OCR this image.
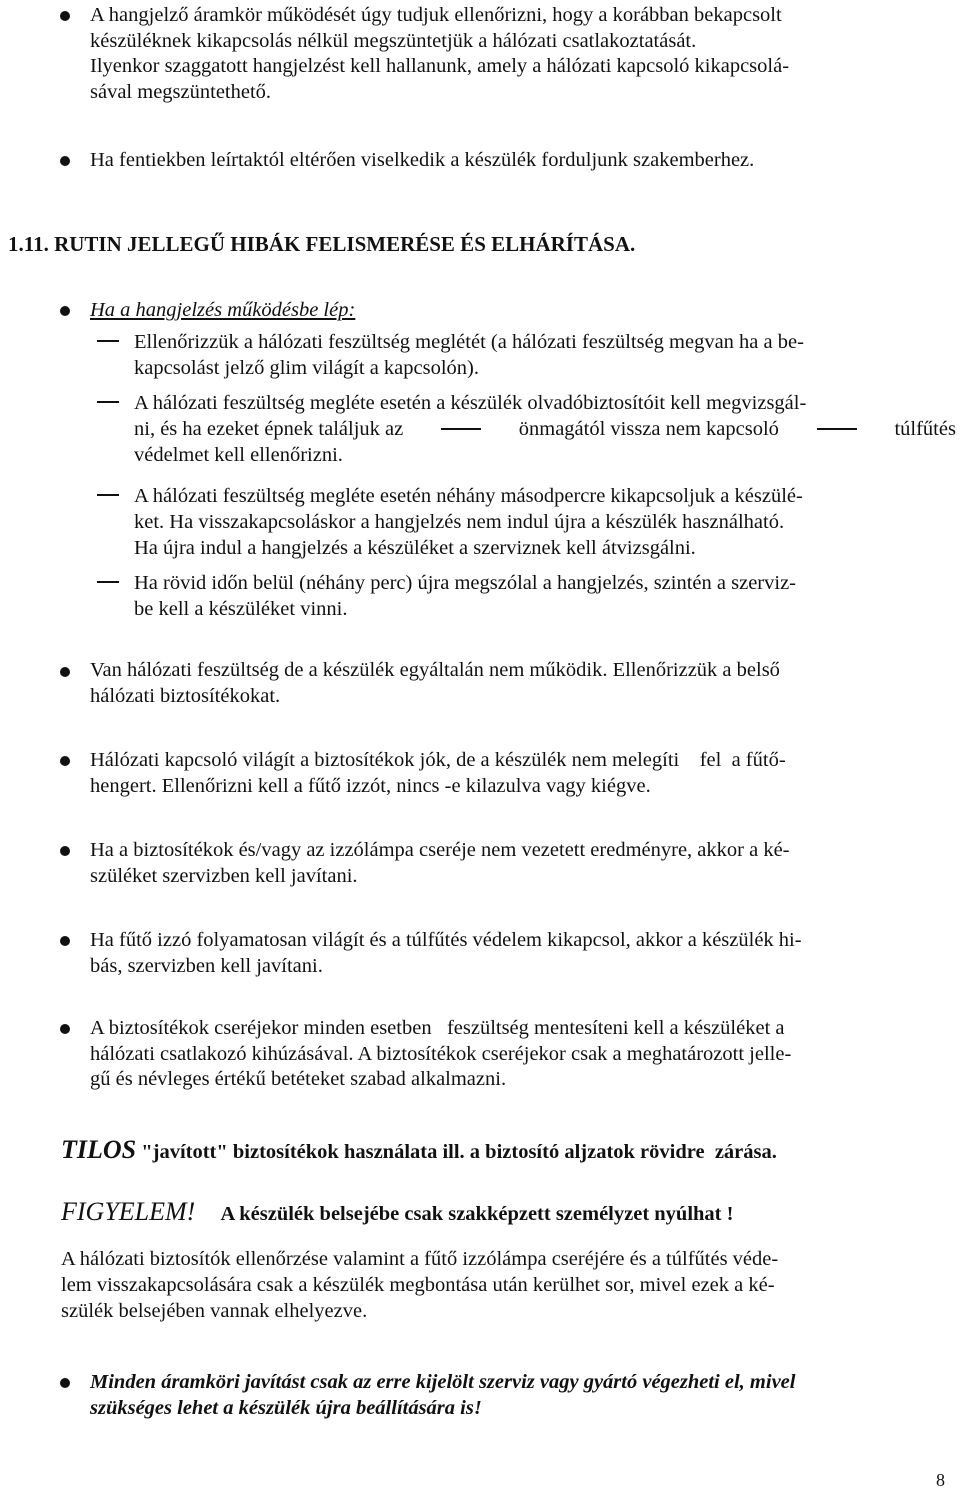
A hangjelző áramkör működését úgy tudjuk ellenőrizni, hogy a korábban bekapcsolt
készüléknek kikapcsolás nélkül megszüntetjük a hálózati csatlakoztatását.
Ilyenkor szaggatott hangjelzést kell hallanunk, amely a hálózati kapcsoló kikapcsolá-
sával megszüntethető.
Ha fentiekben leírtaktól eltérően viselkedik a készülék forduljunk szakemberhez.
1.11. RUTIN JELLEGŰ HIBÁK FELISMERÉSE ÉS ELHÁRÍTÁSA.
Ha a hangjelzés működésbe lép:
Ellenőrizzük a hálózati feszültség meglétét (a hálózati feszültség megvan ha a be-
kapcsolást jelző glim világít a kapcsolón).
A hálózati feszültség megléte esetén a készülék olvadóbiztosítóit kell megvizsgál-
ni, és ha ezeket épnek találjuk az	önmagától vissza nem kapcsoló	túlfűtés
védelmet kell ellenőrizni.
A hálózati feszültség megléte esetén néhány másodpercre kikapcsoljuk a készülé-
ket. Ha visszakapcsoláskor a hangjelzés nem indul újra a készülék használható.
Ha újra indul a hangjelzés a készüléket a szerviznek kell átvizsgálni.
Ha rövid időn belül (néhány perc) újra megszólal a hangjelzés, szintén a szerviz-
be kell a készüléket vinni.
Van hálózati feszültség de a készülék egyáltalán nem működik. Ellenőrizzük a belső
hálózati biztosítékokat.
Hálózati kapcsoló világít a biztosítékok jók, de a készülék nem melegíti    fel  a fűtő-
hengert. Ellenőrizni kell a fűtő izzót, nincs -e kilazulva vagy kiégve.
Ha a biztosítékok és/vagy az izzólámpa cseréje nem vezetett eredményre, akkor a ké-
szüléket szervizben kell javítani.
Ha fűtő izzó folyamatosan világít és a túlfűtés védelem kikapcsol, akkor a készülék hi-
bás, szervizben kell javítani.
A biztosítékok cseréjekor minden esetben   feszültség mentesíteni kell a készüléket a
hálózati csatlakozó kihúzásával. A biztosítékok cseréjekor csak a meghatározott jelle-
gű és névleges értékű betéteket szabad alkalmazni.
TILOS "javított" biztosítékok használata ill. a biztosító aljzatok rövidre  zárása.
FIGYELEM! A készülék belsejébe csak szakképzett személyzet nyúlhat !
A hálózati biztosítók ellenőrzése valamint a fűtő izzólámpa cseréjére és a túlfűtés véde-
lem visszakapcsolására csak a készülék megbontása után kerülhet sor, mivel ezek a ké-
szülék belsejében vannak elhelyezve.
Minden áramköri javítást csak az erre kijelölt szerviz vagy gyártó végezheti el, mivel
szükséges lehet a készülék újra beállítására is!
8
